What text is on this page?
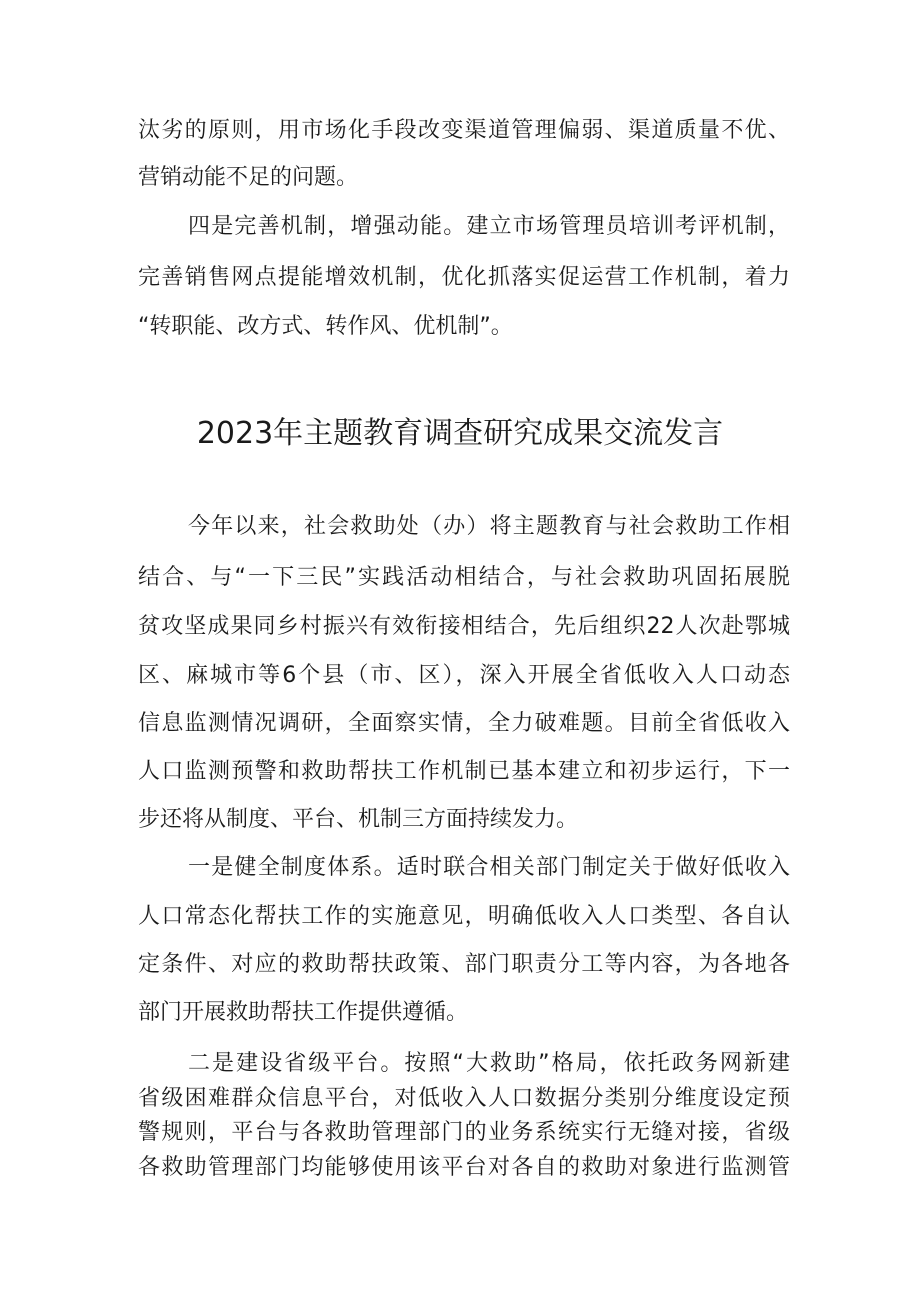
汰劣的原则，用市场化手段改变渠道管理偏弱、渠道质量不优、
营销动能不足的问题。
四是完善机制，增强动能。建立市场管理员培训考评机制，
完善销售网点提能增效机制，优化抓落实促运营工作机制，着力
“转职能、改方式、转作风、优机制”。
2023年主题教育调查研究成果交流发言
今年以来，社会救助处（办）将主题教育与社会救助工作相
结合、与“一下三民”实践活动相结合，与社会救助巩固拓展脱
贫攻坚成果同乡村振兴有效衔接相结合，先后组织22人次赴鄂城
区、麻城市等6个县（市、区），深入开展全省低收入人口动态
信息监测情况调研，全面察实情，全力破难题。目前全省低收入
人口监测预警和救助帮扶工作机制已基本建立和初步运行，下一
步还将从制度、平台、机制三方面持续发力。
一是健全制度体系。适时联合相关部门制定关于做好低收入
人口常态化帮扶工作的实施意见，明确低收入人口类型、各自认
定条件、对应的救助帮扶政策、部门职责分工等内容，为各地各
部门开展救助帮扶工作提供遵循。
二是建设省级平台。按照“大救助”格局，依托政务网新建
省级困难群众信息平台，对低收入人口数据分类别分维度设定预
警规则，平台与各救助管理部门的业务系统实行无缝对接，省级
各救助管理部门均能够使用该平台对各自的救助对象进行监测管
